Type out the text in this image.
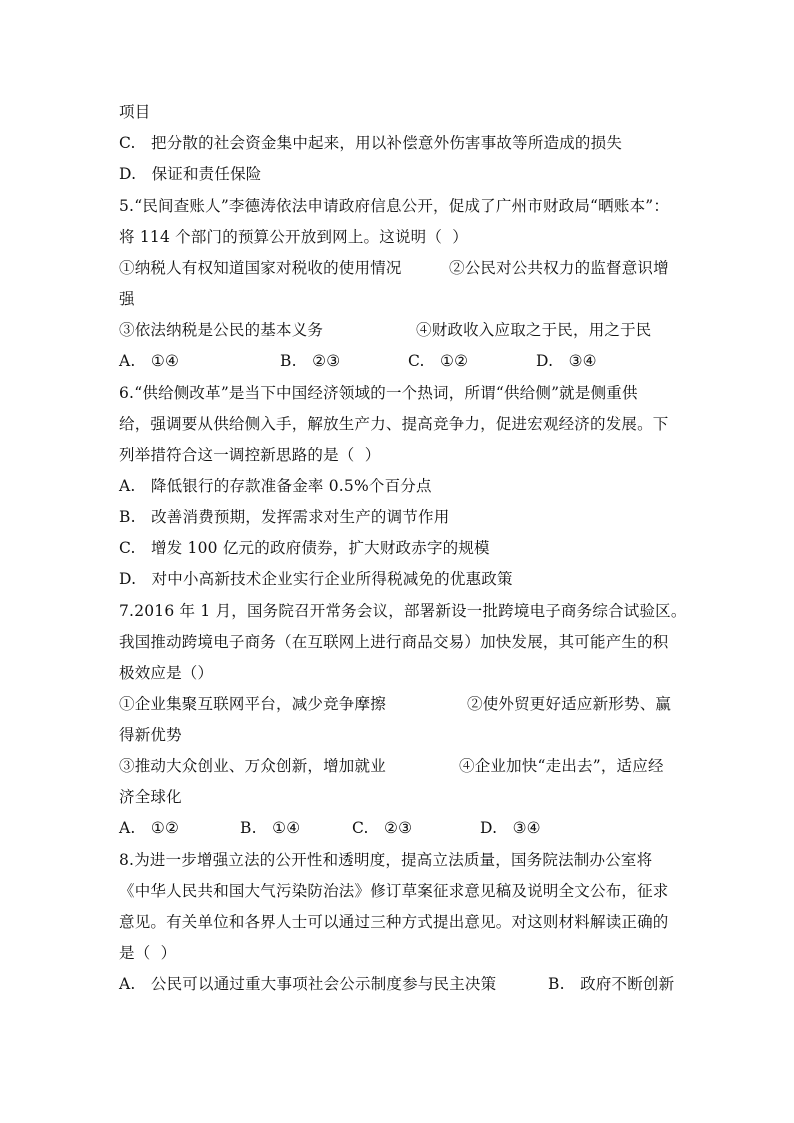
项目
C.   把分散的社会资金集中起来，用以补偿意外伤害事故等所造成的损失
D.   保证和责任保险
5.“民间查账人”李德涛依法申请政府信息公开，促成了广州市财政局“晒账本”：
将 114 个部门的预算公开放到网上。这说明（  ）
①纳税人有权知道国家对税收的使用情况	②公民对公共权力的监督意识增
强
③依法纳税是公民的基本义务	④财政收入应取之于民，用之于民
A.   ①④	B.   ②③	C.   ①②	D.   ③④
6.“供给侧改革”是当下中国经济领域的一个热词，所谓“供给侧”就是侧重供
给，强调要从供给侧入手，解放生产力、提高竞争力，促进宏观经济的发展。下
列举措符合这一调控新思路的是（  ）
A.   降低银行的存款准备金率 0.5%个百分点
B.   改善消费预期，发挥需求对生产的调节作用
C.   增发 100 亿元的政府债券，扩大财政赤字的规模
D.   对中小高新技术企业实行企业所得税减免的优惠政策
7.2016 年 1 月，国务院召开常务会议，部署新设一批跨境电子商务综合试验区。
我国推动跨境电子商务（在互联网上进行商品交易）加快发展，其可能产生的积
极效应是（）
①企业集聚互联网平台，减少竞争摩擦	②使外贸更好适应新形势、赢
得新优势
③推动大众创业、万众创新，增加就业	④企业加快“走出去”，适应经
济全球化
A.   ①②	B.   ①④	C.   ②③	D.   ③④
8.为进一步增强立法的公开性和透明度，提高立法质量，国务院法制办公室将
《中华人民共和国大气污染防治法》修订草案征求意见稿及说明全文公布，征求
意见。有关单位和各界人士可以通过三种方式提出意见。对这则材料解读正确的
是（  ）
A.   公民可以通过重大事项社会公示制度参与民主决策	B.   政府不断创新
